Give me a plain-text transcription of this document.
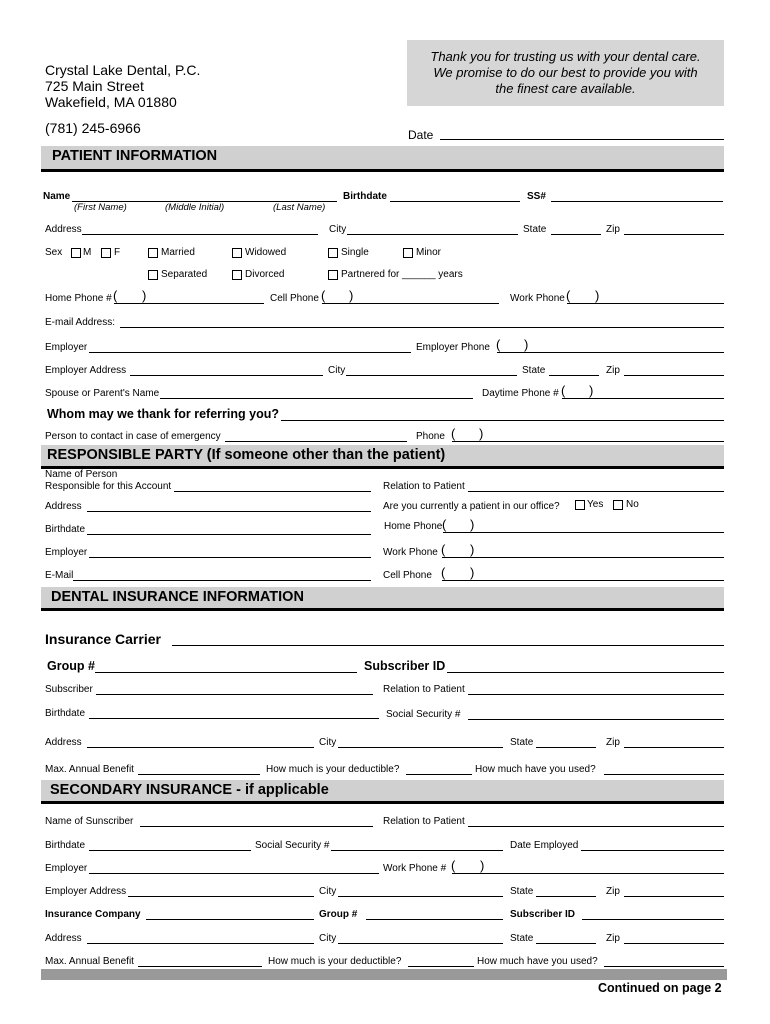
Crystal Lake Dental, P.C.
725 Main Street
Wakefield, MA 01880
(781) 245-6966
Thank you for trusting us with your dental care.
We promise to do our best to provide you with
the finest care available.
Date
PATIENT INFORMATION
Name
(First Name)	(Middle Initial)	(Last Name)
Birthdate	SS#
Address	City	State	Zip
Sex M F	Married	Widowed	Single	Minor
Separated	Divorced	Partnered for ______ years
Home Phone # ( )	Cell Phone ( )	Work Phone ( )
E-mail Address:
Employer	Employer Phone ( )
Employer Address	City	State	Zip
Spouse or Parent's Name	Daytime Phone # ( )
Whom may we thank for referring you?
Person to contact in case of emergency	Phone ( )
RESPONSIBLE PARTY (If someone other than the patient)
Name of Person
Responsible for this Account	Relation to Patient
Address	Are you currently a patient in our office?	Yes No
Birthdate	Home Phone ( )
Employer	Work Phone ( )
E-Mail	Cell Phone ( )
DENTAL INSURANCE INFORMATION
Insurance Carrier
Group #	Subscriber ID
Subscriber	Relation to Patient
Birthdate	Social Security #
Address	City	State	Zip
Max. Annual Benefit	How much is your deductible?	How much have you used?
SECONDARY INSURANCE - if applicable
Name of Sunscriber	Relation to Patient
Birthdate	Social Security #	Date Employed
Employer	Work Phone # ( )
Employer Address	City	State	Zip
Insurance Company	Group #	Subscriber ID
Address	City	State	Zip
Max. Annual Benefit	How much is your deductible?	How much have you used?
Continued on page 2
